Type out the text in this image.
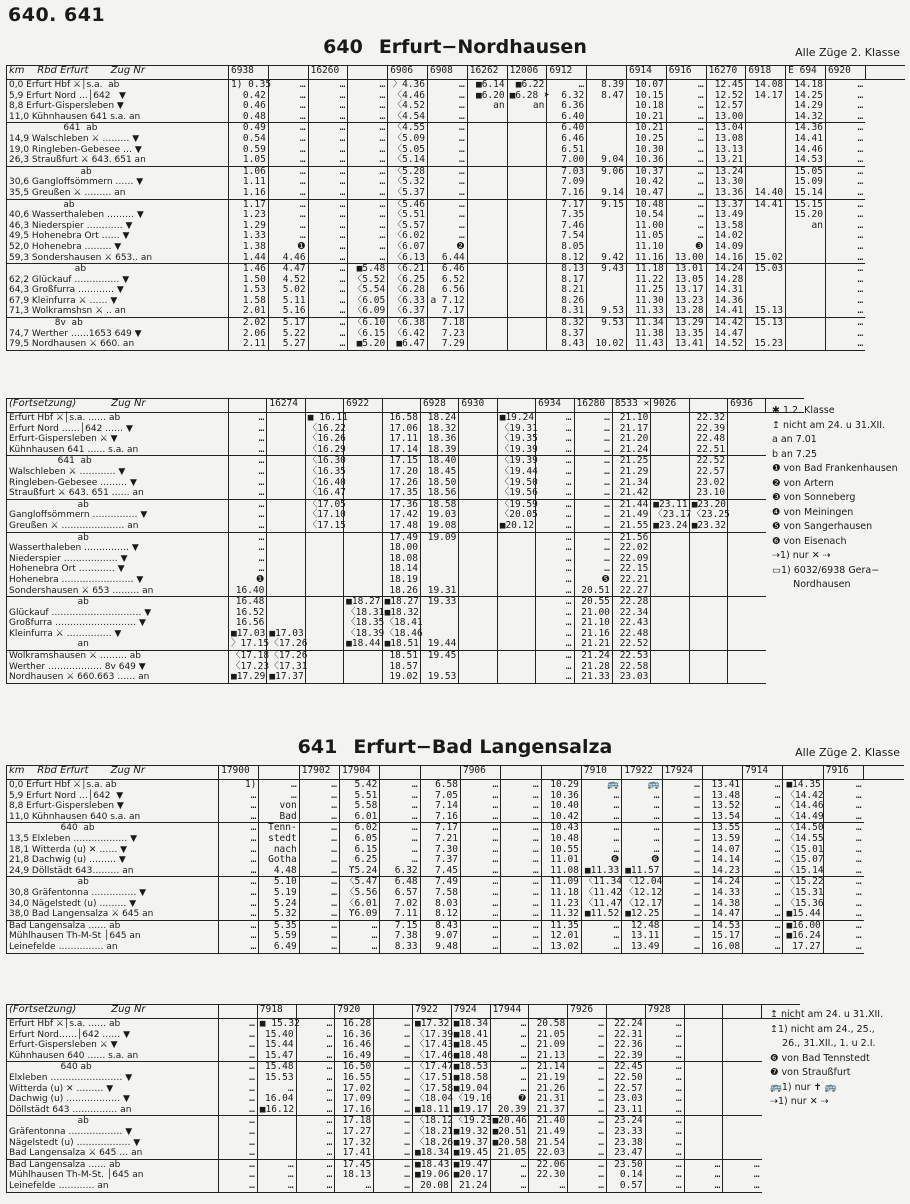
640. 641
640 Erfurt−Nordhausen	Alle Züge 2. Klasse
km    Rbd Erfurt       Zug Nr	6938		16260		6906	6908	16262	12006	6912		6914	6916	16270	6918	E 694	6920	
0,0 Erfurt Hbf ⚔│s.a.  ab	1) 0.35	…	…	…	〉4.36	…	■6.14	■6.22	…	8.39	10.07	…	12.45	14.08	14.18	…	
5,9 Erfurt Nord …│642   ▼	0.42	…	…	…	〈4.46	…	■6.20	■6.28 ➤	6.32	8.47	10.15	…	12.52	14.17	14.25	…	
8,8 Erfurt-Gispersleben ▼	0.46	…	…	…	〈4.52	…	an	an	6.36		10.18	…	12.57		14.29	…	
11,0 Kühnhausen 641 s.a. an	0.48	…	…	…	〈4.54	…			6.40		10.21	…	13.00		14.32	…	
641  ab	0.49	…	…	…	〈4.55	…			6.40		10.21	…	13.04		14.36	…	
14,9 Walschleben ⚔ ……… ▼	0.54	…	…	…	〈5.09	…			6.46		10.25	…	13.08		14.41	…	
19,0 Ringleben-Gebesee … ▼	0.59	…	…	…	〈5.05	…			6.51		10.30	…	13.13		14.46	…	
26,3 Straußfurt ⚔ 643. 651 an	1.05	…	…	…	〈5.14	…			7.00	9.04	10.36	…	13.21		14.53	…	
ab	1.06	…	…	…	〈5.28	…			7.03	9.06	10.37	…	13.24		15.05	…	
30,6 Gangloffsömmern …… ▼	1.11	…	…	…	〈5.32	…			7.09		10.42	…	13.30		15.09	…	
35,5 Greußen ⚔ ……… an	1.16	…	…	…	〈5.37	…			7.16	9.14	10.47	…	13.36	14.40	15.14	…	
ab	1.17	…	…	…	〈5.46	…			7.17	9.15	10.48	…	13.37	14.41	15.15	…	
40,6 Wasserthaleben ……… ▼	1.23	…	…	…	〈5.51	…			7.35		10.54	…	13.49		15.20	…	
46,3 Niederspier ………… ▼	1.29	…	…	…	〈5.57	…			7.46		11.00	…	13.58		an	…	
49,5 Hohenebra Ort …… ▼	1.33	…	…	…	〈6.02	…			7.54		11.05	…	14.02			…	
52,0 Hohenebra ……… ▼	1.38	❶	…	…	〈6.07	❷			8.05		11.10	❸	14.09			…	
59,3 Sondershausen ⚔ 653.. an	1.44	4.46	…	…	〈6.13	6.44			8.12	9.42	11.16	13.00	14.16	15.02		…	
ab	1.46	4.47	…	■5.48	〈6.21	6.46			8.13	9.43	11.18	13.01	14.24	15.03		…	
62,2 Glückauf …………… ▼	1.50	4.52	…	〈5.52	〈6.25	6.52			8.17		11.22	13.05	14.28			…	
64,3 Großfurra ………… ▼	1.53	5.02	…	〈5.54	〈6.28	6.56			8.21		11.25	13.17	14.31			…	
67,9 Kleinfurra ⚔ …… ▼	1.58	5.11	…	〈6.05	〈6.33	a 7.12			8.26		11.30	13.23	14.36			…	
71,3 Wolkramshsn ⚔ .. an	2.01	5.16	…	〈6.09	〈6.37	7.17			8.31	9.53	11.33	13.28	14.41	15.13		…	
8v  ab	2.02	5.17	…	〈6.10	〈6.38	7.18			8.32	9.53	11.34	13.29	14.42	15.13		…	
74,7 Werther ……1653 649 ▼	2.06	5.22	…	〈6.15	〈6.42	7.23			8.37		11.38	13.35	14.47			…	
79,5 Nordhausen ⚔ 660. an	2.11	5.27	…	■5.20	■6.47	7.29			8.43	10.02	11.43	13.41	14.52	15.23		…	
(Fortsetzung)           Zug Nr		16274		6922		6928	6930		6934	16280	8533 ✕	9026		6936	
Erfurt Hbf ⚔│s.a. …… ab	…		■ 16.11		16.58	18.24		■19.24	…	…	21.10		22.32		
Erfurt Nord ……│642 …… ▼	…		〈16.22		17.06	18.32		〈19.31	…	…	21.17		22.39		
Erfurt-Gispersleben ⚔ ▼	…		〈16.26		17.11	18.36		〈19.35	…	…	21.20		22.48		
Kühnhausen 641 …… s.a. an	…		〈16.29		17.14	18.39		〈19.39	…	…	21.24		22.51		
641  ab	…		〈16.30		17.15	18.40		〈19.39	…	…	21.25		22.52		
Walschleben ⚔ ………… ▼	…		〈16.35		17.20	18.45		〈19.44	…	…	21.29		22.57		
Ringleben-Gebesee ……… ▼	…		〈16.40		17.26	18.50		〈19.50	…	…	21.34		23.02		
Straußfurt ⚔ 643. 651 …… an	…		〈16.47		17.35	18.56		〈19.56	…	…	21.42		23.10		
ab	…		〈17.05		17.36	18.58		〈19.59	…	…	21.44	■23.11	■23.20		
Gangloffsömmern …………… ▼	…		〈17.10		17.42	19.03		〈20.05	…	…	21.49	〈23.17	〈23.25		
Greußen ⚔ ………………… an	…		〈17.15		17.48	19.08		■20.12	…	…	21.55	■23.24	■23.32		
ab	…				17.49	19.09			…	…	21.56				
Wasserthaleben …………… ▼	…				18.00				…	…	22.02				
Niederspier ……………… ▼	…				18.08				…	…	22.09				
Hohenebra Ort ………… ▼	…				18.14				…	…	22.15				
Hohenebra …………………… ▼	❶				18.19				…	❺	22.21				
Sondershausen ⚔ 653 ……… an	16.40				18.26	19.31			…	20.51	22.27				
ab	16.48			■18.27	■18.27	19.33			…	20.55	22.28				
Glückauf ………………………… ▼	16.52			〈18.31	■18.32				…	21.00	22.34				
Großfurra ……………………… ▼	16.56			〈18.35	〈18.41				…	21.10	22.43				
Kleinfurra ⚔ …………… ▼	■17.03	■17.03		〈18.39	〈18.46				…	21.16	22.48				
an	〉17.15	〈17.26		■18.44	■18.51	19.44			…	21.21	22.52				
Wolkramshausen ⚔ ……… ab	〈17.18	〈17.26			18.51	19.45			…	21.24	22.53				
Werther ……………… 8v 649 ▼	〈17.23	〈17.31			18.57				…	21.28	22.58				
Nordhausen ⚔ 660.663 …… an	■17.29	■17.37			19.02	19.53			…	21.33	23.03				
✱ 1.2. Klasse
↥ nicht am 24. u 31.XII.
a an 7.01
b an 7.25
❶ von Bad Frankenhausen
❷ von Artern
❸ von Sonneberg
❹ von Meiningen
❺ von Sangerhausen
❻ von Eisenach
⇢1) nur ✕ ⇢
▭1) 6032/6938 Gera−
Nordhausen
641 Erfurt−Bad Langensalza	Alle Züge 2. Klasse
km    Rbd Erfurt       Zug Nr	17900		17902	17904			7906			7910	17922	17924		7914		7916	
0,0 Erfurt Hbf ⚔│s.a. ab	1)	…	…	5.42	…	6.58	…	…	10.29	🚌	🚌	…	13.41	…	■14.35	…	
5,9 Erfurt Nord …│642  ▼	…	…	…	5.51	…	7.05	…	…	10.36	…	…	…	13.48	…	〈14.42	…	
8,8 Erfurt-Gispersleben ▼	…	von	…	5.58	…	7.14	…	…	10.40	…	…	…	13.52	…	〈14.46	…	
11,0 Kühnhausen 640 s.a. an	…	Bad	…	6.01	…	7.16	…	…	10.42	…	…	…	13.54	…	〈14.49	…	
640  ab	…	Tenn-	…	6.02	…	7.17	…	…	10.43	…	…	…	13.55	…	〈14.50	…	
13,5 Elxleben ……………… ▼	…	stedt	…	6.05	…	7.21	…	…	10.48	…	…	…	13.59	…	〈14.55	…	
18,1 Witterda (u) ✕ …… ▼	…	nach	…	6.15	…	7.30	…	…	10.55	…	…	…	14.07	…	〈15.01	…	
21,8 Dachwig (u) ……… ▼	…	Gotha	…	6.25	…	7.37	…	…	11.01	❻	❻	…	14.14	…	〈15.07	…	
24,9 Döllstädt 643……… an	…	4.48	…	ϒ5.24	6.32	7.45	…	…	11.08	■11.33	■11.57	…	14.23	…	〈15.14	…	
ab	…	5.10	…	〈5.47	6.48	7.49	…	…	11.09	〈11.34	〈12.04	…	14.24	…	〈15.22	…	
30,8 Gräfentonna …………… ▼	…	5.19	…	〈5.56	6.57	7.58	…	…	11.18	〈11.42	〈12.12	…	14.33	…	〈15.31	…	
34,0 Nägelstedt (u) ……… ▼	…	5.24	…	〈6.01	7.02	8.03	…	…	11.23	〈11.47	〈12.17	…	14.38	…	〈15.36	…	
38,0 Bad Langensalza ⚔ 645 an	…	5.32	…	ϒ6.09	7.11	8.12	…	…	11.32	■11.52	■12.25	…	14.47	…	■15.44	…	
Bad Langensalza …… ab	…	5.35	…	…	7.15	8.43	…	…	11.35	…	12.48	…	14.53	…	■16.00	…	
Mühlhausen Th-M-St │645 an	…	5.59	…	…	7.38	9.07	…	…	12.01	…	13.11	…	15.17	…	■16.24	…	
Leinefelde …………… an	…	6.49	…	…	8.33	9.48	…	…	13.02	…	13.49	…	16.08	…	17.27	…	
(Fortsetzung)           Zug Nr		7918		7920		7922	7924	17944		7926		7928			
Erfurt Hbf ⚔│s.a. …… ab	…	■ 15.32	…	16.28	…	■17.32	■18.34	…	20.58	…	22.24	…			
Erfurt Nord……│642 …… ▼	…	15.40	…	16.36	…	〈17.39	■18.41	…	21.05	…	22.31	…			
Erfurt-Gispersleben ⚔ ▼	…	15.44	…	16.46	…	〈17.43	■18.45	…	21.09	…	22.36	…			
Kühnhausen 640 …… s.a. an	…	15.47	…	16.49	…	〈17.46	■18.48	…	21.13	…	22.39	…			
640 ab	…	15.48	…	16.50	…	〈17.47	■18.53	…	21.14	…	22.45	…			
Elxleben …………………… ▼	…	15.53	…	16.55	…	〈17.51	■18.58	…	21.19	…	22.50	…			
Witterda (u) ✕ ……… ▼	…	…	…	17.02	…	〈17.58	■19.04	…	21.26	…	22.57	…			
Dachwig (u) ……………… ▼	…	16.04	…	17.09	…	〈18.04	〈19.10	❼	21.31	…	23.03	…			
Döllstädt 643 …………… an	…	■16.12	…	17.16	…	■18.11	■19.17	20.39	21.37	…	23.11	…			
ab	…		…	17.18	…	〈18.12	〈19.23	■20.46	21.40	…	23.24	…			
Gräfentonna ……………… ▼	…		…	17.27	…	〈18.21	■19.32	■20.51	21.49	…	23.33	…			
Nägelstedt (u) ……………… ▼	…		…	17.32	…	〈18.26	■19.37	■20.58	21.54	…	23.38	…			
Bad Langensalza ⚔ 645 … an	…		…	17.41	…	■18.34	■19.45	21.05	22.03	…	23.47	…			
Bad Langensalza …… ab	…	…	…	17.45	…	■18.43	■19.47	…	22.06	…	23.50	…	…	…	
Mühlhausen Th-M-St. │645 an	…	…	…	18.13	…	■19.06	■20.17	…	22.30	…	0.14	…	…	…	
Leinefelde ………… an	…	…	…	…	…	20.08	21.24	…	…	…	0.57	…	…	…	
↥ nicht am 24. u 31.XII.
↥1) nicht am 24., 25.,
26., 31.XII., 1. u 2.I.
❻ von Bad Tennstedt
❼ von Straußfurt
🚌1) nur ✝ 🚌
⇢1) nur ✕ ⇢
